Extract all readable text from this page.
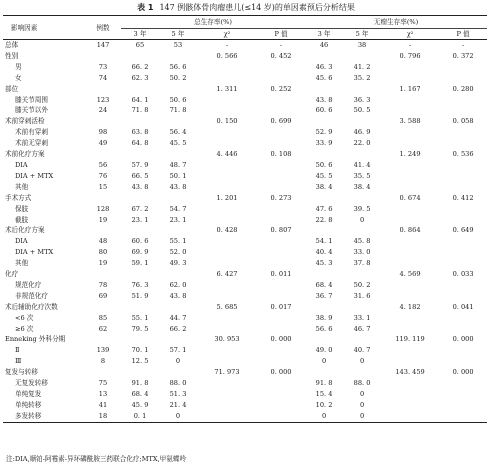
表 1 147 例骸体骨肉瘤患儿(≤14 岁)的单因素预后分析结果
影响因素	例数	总生存率(%)				无瘤生存率(%)			
		3 年	5 年	χ²	P 值	3 年	5 年	χ²	P 值
总体	147	65	53	-	-	46	38	-	-
性别				0. 566	0. 452			0. 796	0. 372
男	73	66. 2	56. 6			46. 3	41. 2		
女	74	62. 3	50. 2			45. 6	35. 2		
部位				1. 311	0. 252			1. 167	0. 280
膝关节周围	123	64. 1	50. 6			43. 8	36. 3		
膝关节以外	24	71. 8	71. 8			60. 6	50. 5		
术前穿刺活检				0. 150	0. 699			3. 588	0. 058
术前有穿刺	98	63. 8	56. 4			52. 9	46. 9		
术前无穿刺	49	64. 8	45. 5			33. 9	22. 0		
术前化疗方案				4. 446	0. 108			1. 249	0. 536
DIA	56	57. 9	48. 7			50. 6	41. 4		
DIA + MTX	76	66. 5	50. 1			45. 5	35. 5		
其他	15	43. 8	43. 8			38. 4	38. 4		
手术方式				1. 201	0. 273			0. 674	0. 412
保肢	128	67. 2	54. 7			47. 6	39. 5		
截肢	19	23. 1	23. 1			22. 8	0		
术后化疗方案				0. 428	0. 807			0. 864	0. 649
DIA	48	60. 6	55. 1			54. 1	45. 8		
DIA + MTX	80	69. 9	52. 0			40. 4	33. 0		
其他	19	59. 1	49. 3			45. 3	37. 8		
化疗				6. 427	0. 011			4. 569	0. 033
规范化疗	78	76. 3	62. 0			68. 4	50. 2		
非规范化疗	69	51. 9	43. 8			36. 7	31. 6		
术后辅助化疗次数				5. 685	0. 017			4. 182	0. 041
<6 次	85	55. 1	44. 7			38. 9	33. 1		
≥6 次	62	79. 5	66. 2			56. 6	46. 7		
Enneking 外科分期				30. 953	0. 000			119. 119	0. 000
Ⅱ	139	70. 1	57. 1			49. 0	40. 7		
Ⅲ	8	12. 5	0			0	0		
复发与转移				71. 973	0. 000			143. 459	0. 000
无复发转移	75	91. 8	88. 0			91. 8	88. 0		
单纯复发	13	68. 4	51. 3			15. 4	0		
单纯转移	41	45. 9	21. 4			10. 2	0		
多发转移	18	0. 1	0			0	0		
注:DIA,顺铂-阿霉素-异环磷酰胺三药联合化疗;MTX,甲氨蝶呤
